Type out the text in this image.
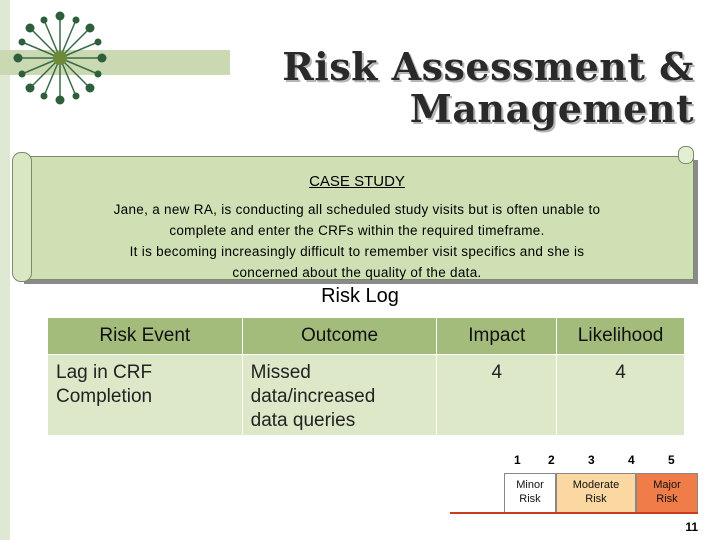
Risk Assessment &
Management
CASE STUDY
Jane, a new RA, is conducting all scheduled study visits but is often unable to
complete and enter the CRFs within the required timeframe.
It is becoming increasingly difficult to remember visit specifics and she is
concerned about the quality of the data.
Risk Log
Risk Event	Outcome	Impact	Likelihood
Lag in CRF
Completion	Missed
data/increased
data queries	4	4
1 2	3	4	5
Minor
Risk
Moderate
Risk
Major
Risk
11
